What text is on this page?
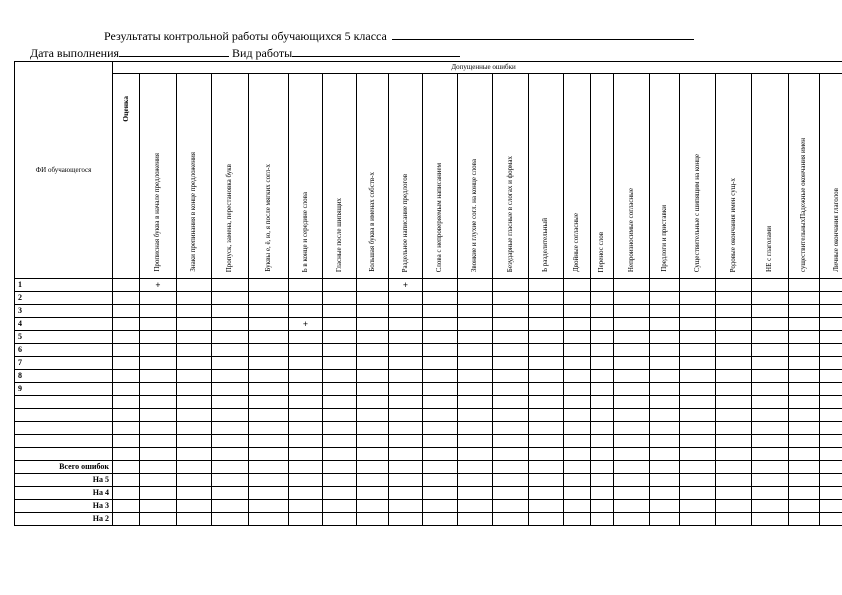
Результаты контрольной работы обучающихся 5 класса
Дата выполнения	Вид работы
ФИ обучающегося	Допущенные ошибки																					

	Оценка	Прописная буква в начале предложения	Знаки препинания в конце предложения	Пропуск, замена, перестановка букв	Буквы е, ё, ю, я после мягких согл-х	Ь в конце и середине слова	Гласные после шипящих	Большая буква в именах собств-х	Раздельное написание предлогов	Слова с непроверяемым написанием	Звонкие и глухие согл. на конце слова	Безударные гласные в слогах и формах	Ь разделительный	Двойные согласные	Перенос слов	Непроизносимые согласные	Предлоги и приставки	Существительные с шипящим на конце	Родовые окончания имен сущ-х	НЕ с глаголами	существительныхПадежные окончания имен	Личные окончания глаголов

1		+							+													
2																						
3																						
4						+																
5																						
6																						
7																						
8																						
9																						

Всего ошибок																						
На 5																						
На 4																						
На 3																						
На 2																						
